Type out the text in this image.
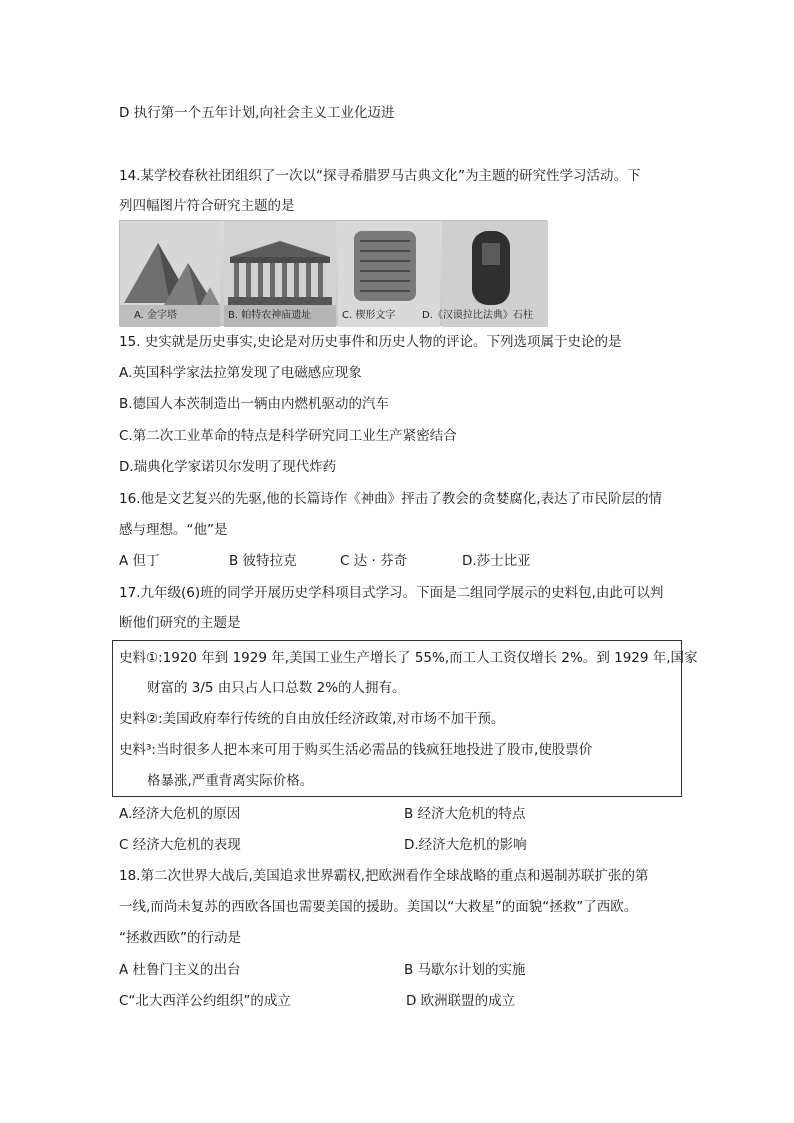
D 执行第一个五年计划,向社会主义工业化迈进
14.某学校春秋社团组织了一次以“探寻希腊罗马古典文化”为主题的研究性学习活动。下
列四幅图片符合研究主题的是
A. 金字塔	B. 帕特农神庙遗址	C. 楔形文字	D.《汉谟拉比法典》石柱
15. 史实就是历史事实,史论是对历史事件和历史人物的评论。下列选项属于史论的是
A.英国科学家法拉第发现了电磁感应现象
B.德国人本茨制造出一辆由内燃机驱动的汽车
C.第二次工业革命的特点是科学研究同工业生产紧密结合
D.瑞典化学家诺贝尔发明了现代炸药
16.他是文艺复兴的先驱,他的长篇诗作《神曲》抨击了教会的贪婪腐化,表达了市民阶层的情
感与理想。“他”是
A 但丁	B 彼特拉克	C 达 · 芬奇	D.莎士比亚
17.九年级(6)班的同学开展历史学科项目式学习。下面是二组同学展示的史料包,由此可以判
断他们研究的主题是
史料①:1920 年到 1929 年,美国工业生产增长了 55%,而工人工资仅增长 2%。到 1929 年,国家
财富的 3/5 由只占人口总数 2%的人拥有。
史料②:美国政府奉行传统的自由放任经济政策,对市场不加干预。
史料³:当时很多人把本来可用于购买生活必需品的钱疯狂地投进了股市,使股票价
格暴涨,严重背离实际价格。
A.经济大危机的原因	B 经济大危机的特点
C 经济大危机的表现	D.经济大危机的影响
18.第二次世界大战后,美国追求世界霸权,把欧洲看作全球战略的重点和遏制苏联扩张的第
一线,而尚未复苏的西欧各国也需要美国的援助。美国以“大救星”的面貌“拯救”了西欧。
“拯救西欧”的行动是
A 杜鲁门主义的出台	B 马歇尔计划的实施
C“北大西洋公约组织”的成立	D 欧洲联盟的成立
